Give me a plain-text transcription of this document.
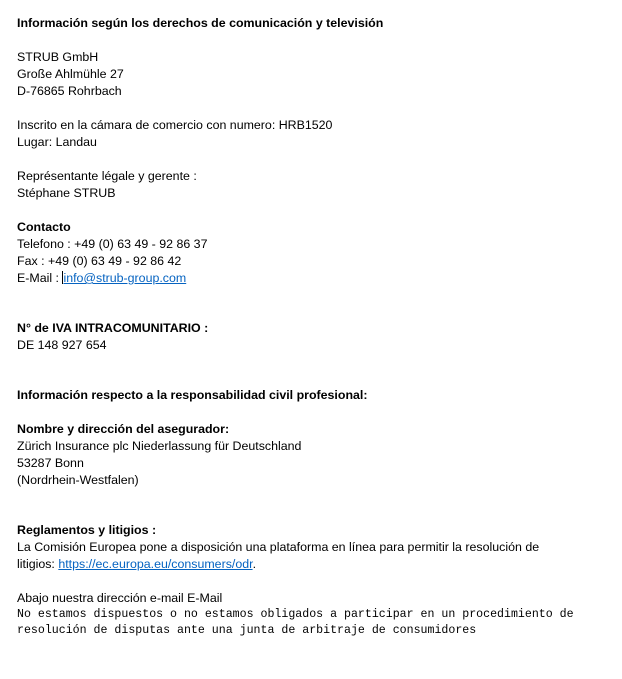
Información según los derechos de comunicación y televisión
STRUB GmbH
Große Ahlmühle 27
D-76865 Rohrbach
Inscrito en la cámara de comercio con numero: HRB1520
Lugar: Landau
Représentante légale y gerente :
Stéphane STRUB
Contacto
Telefono : +49 (0) 63 49 - 92 86 37
Fax : +49 (0) 63 49 - 92 86 42
E-Mail : info@strub-group.com
N° de IVA INTRACOMUNITARIO :
DE 148 927 654
Información respecto a la responsabilidad civil profesional:
Nombre y dirección del asegurador:
Zürich Insurance plc Niederlassung für Deutschland
53287 Bonn
(Nordrhein-Westfalen)
Reglamentos y litigios :
La Comisión Europea pone a disposición una plataforma en línea para permitir la resolución de litigios: https://ec.europa.eu/consumers/odr.
Abajo nuestra dirección e-mail E-Mail
No estamos dispuestos o no estamos obligados a participar en un procedimiento de resolución de disputas ante una junta de arbitraje de consumidores
